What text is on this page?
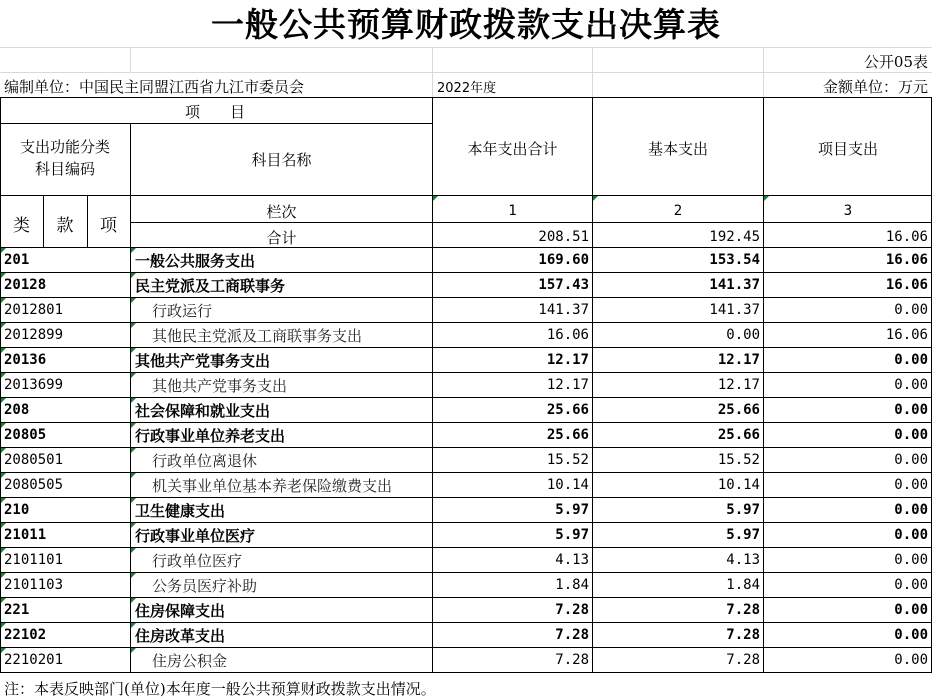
一般公共预算财政拨款支出决算表
公开05表
编制单位：中国民主同盟江西省九江市委员会	2022年度	金额单位：万元
项　　目
支出功能分类
科目编码	科目名称
本年支出合计	基本支出	项目支出
类	款	项
栏次	1	2	3
合计	208.51	192.45	16.06
201	一般公共服务支出	169.60	153.54	16.06
20128	民主党派及工商联事务	157.43	141.37	16.06
2012801	行政运行	141.37	141.37	0.00
2012899	其他民主党派及工商联事务支出	16.06	0.00	16.06
20136	其他共产党事务支出	12.17	12.17	0.00
2013699	其他共产党事务支出	12.17	12.17	0.00
208	社会保障和就业支出	25.66	25.66	0.00
20805	行政事业单位养老支出	25.66	25.66	0.00
2080501	行政单位离退休	15.52	15.52	0.00
2080505	机关事业单位基本养老保险缴费支出	10.14	10.14	0.00
210	卫生健康支出	5.97	5.97	0.00
21011	行政事业单位医疗	5.97	5.97	0.00
2101101	行政单位医疗	4.13	4.13	0.00
2101103	公务员医疗补助	1.84	1.84	0.00
221	住房保障支出	7.28	7.28	0.00
22102	住房改革支出	7.28	7.28	0.00
2210201	住房公积金	7.28	7.28	0.00
注：本表反映部门(单位)本年度一般公共预算财政拨款支出情况。
